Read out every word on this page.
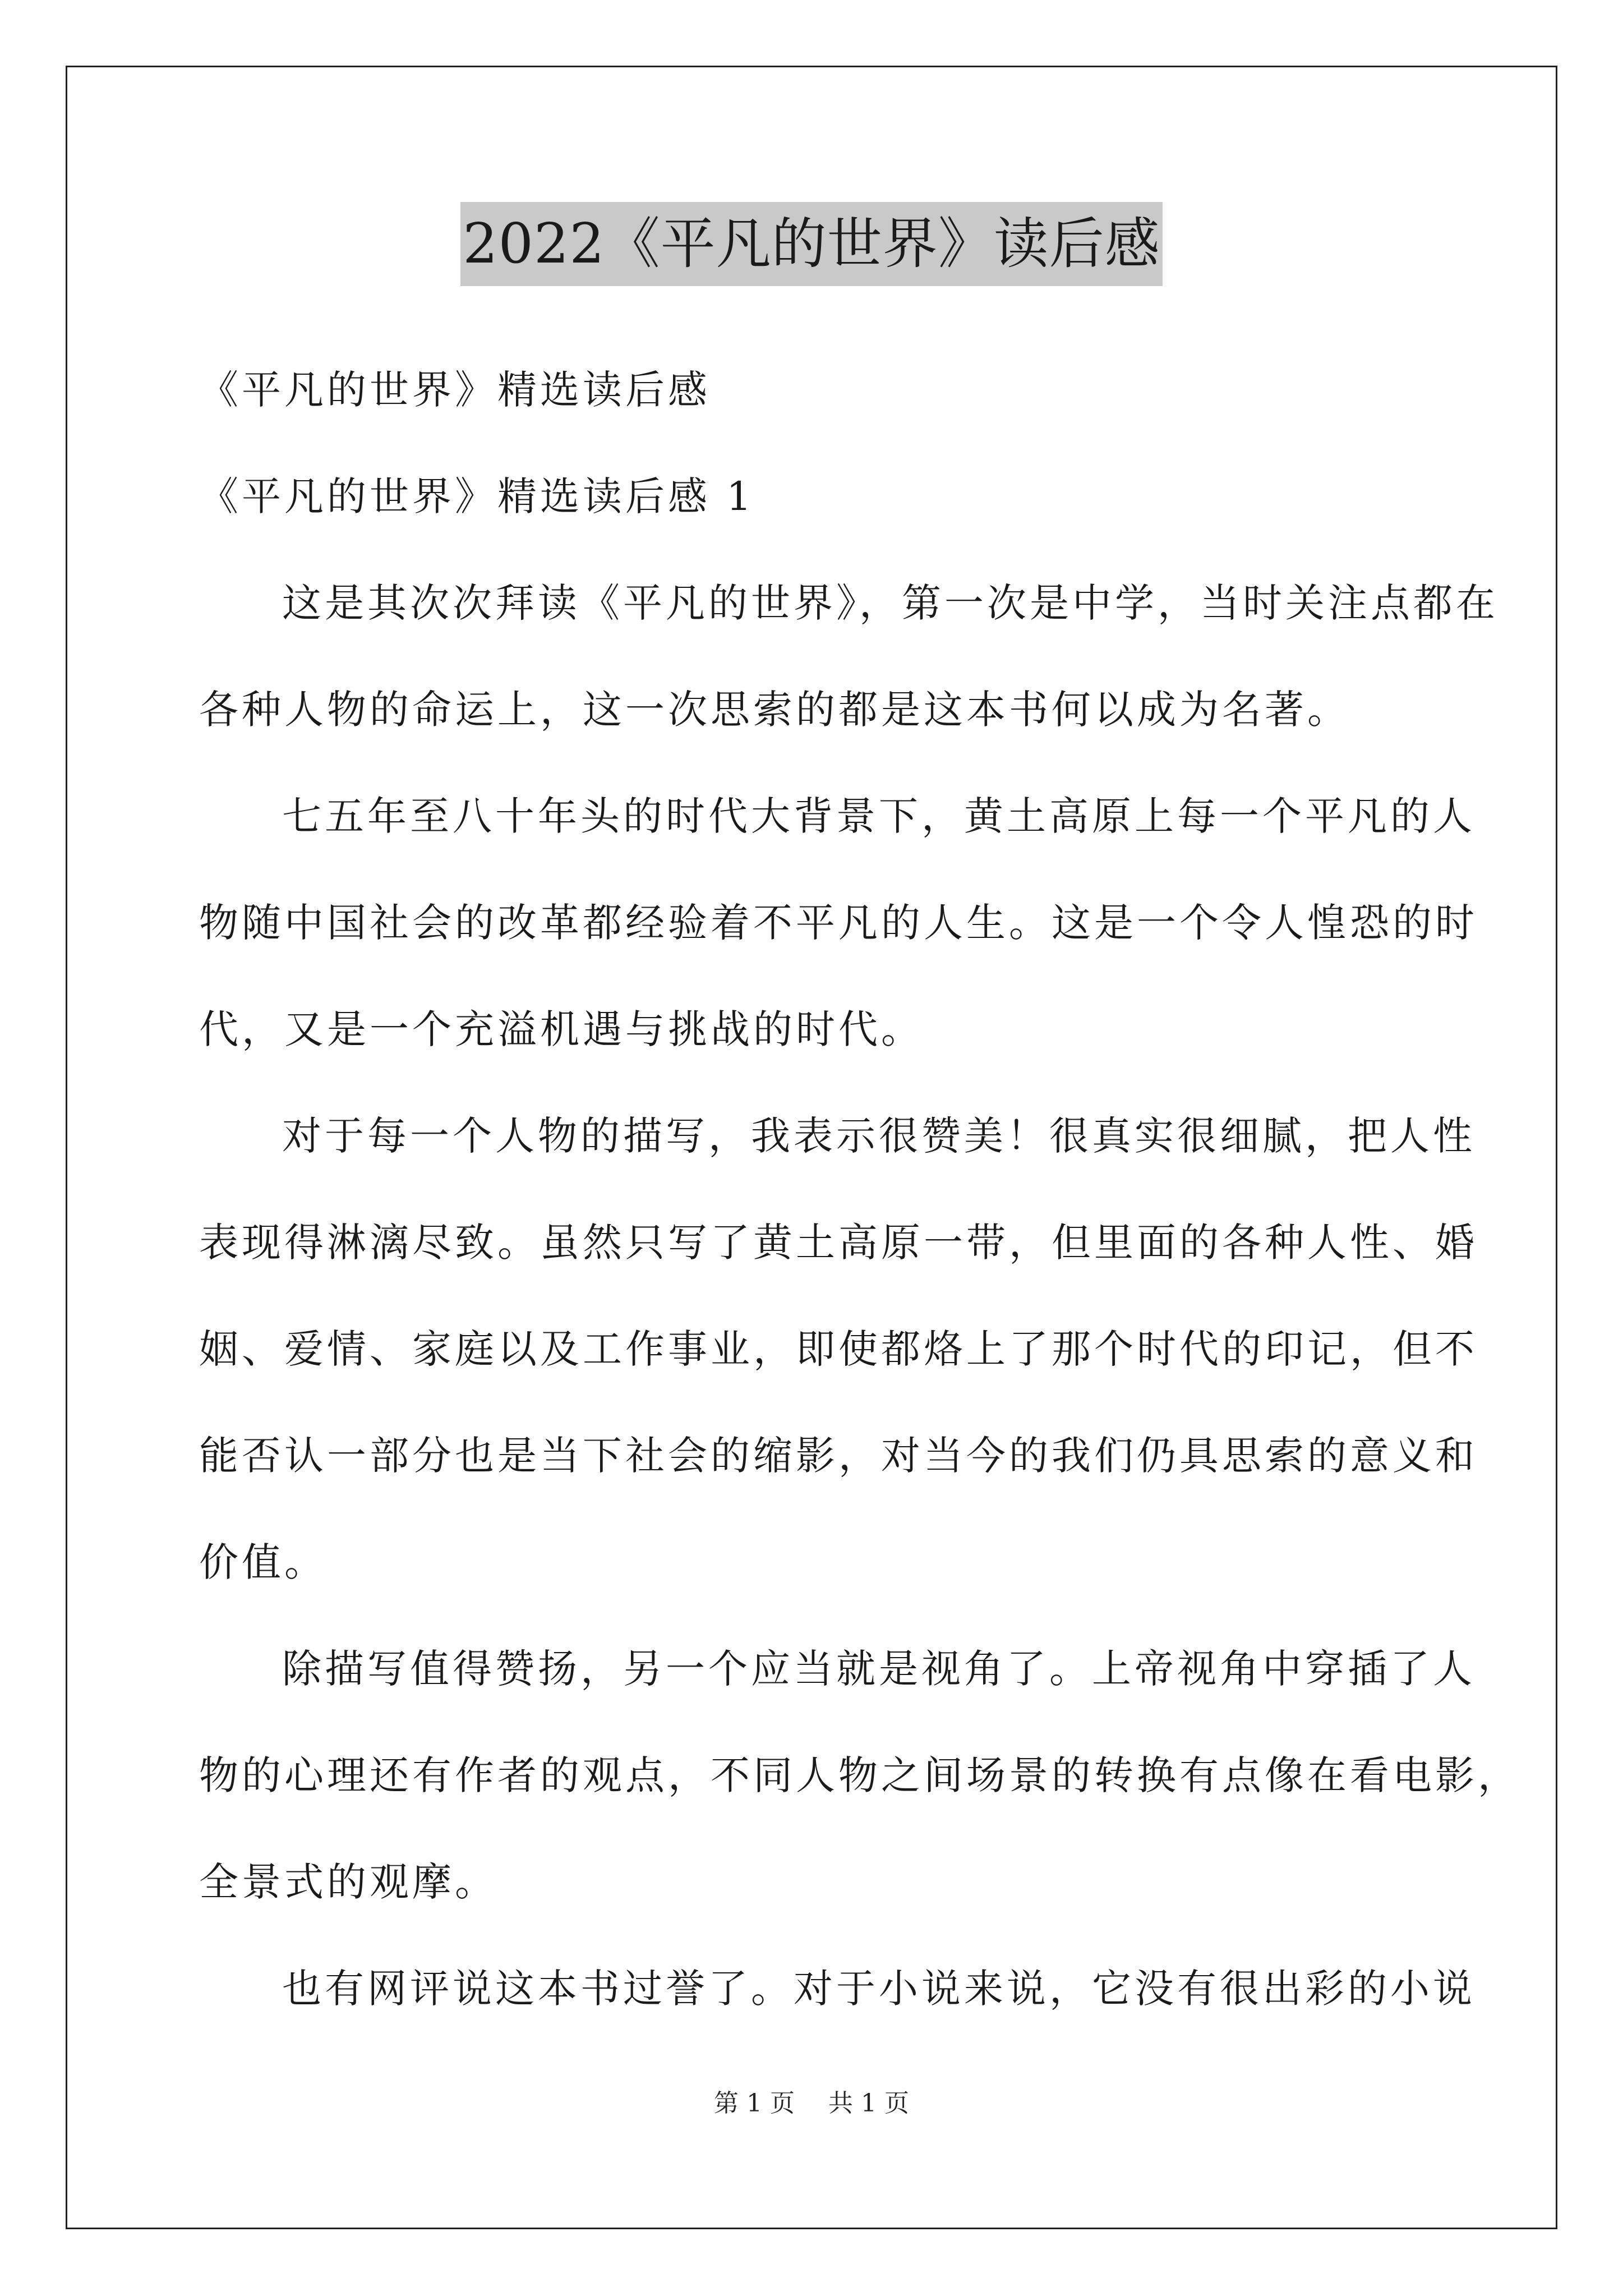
2022《平凡的世界》读后感
《平凡的世界》精选读后感
《平凡的世界》精选读后感 1
这是其次次拜读《平凡的世界》，第一次是中学，当时关注点都在
各种人物的命运上，这一次思索的都是这本书何以成为名著。
七五年至八十年头的时代大背景下，黄土高原上每一个平凡的人
物随中国社会的改革都经验着不平凡的人生。这是一个令人惶恐的时
代，又是一个充溢机遇与挑战的时代。
对于每一个人物的描写，我表示很赞美！很真实很细腻，把人性
表现得淋漓尽致。虽然只写了黄土高原一带，但里面的各种人性、婚
姻、爱情、家庭以及工作事业，即使都烙上了那个时代的印记，但不
能否认一部分也是当下社会的缩影，对当今的我们仍具思索的意义和
价值。
除描写值得赞扬，另一个应当就是视角了。上帝视角中穿插了人
物的心理还有作者的观点，不同人物之间场景的转换有点像在看电影，
全景式的观摩。
也有网评说这本书过誉了。对于小说来说，它没有很出彩的小说
第 1 页 共 1 页
